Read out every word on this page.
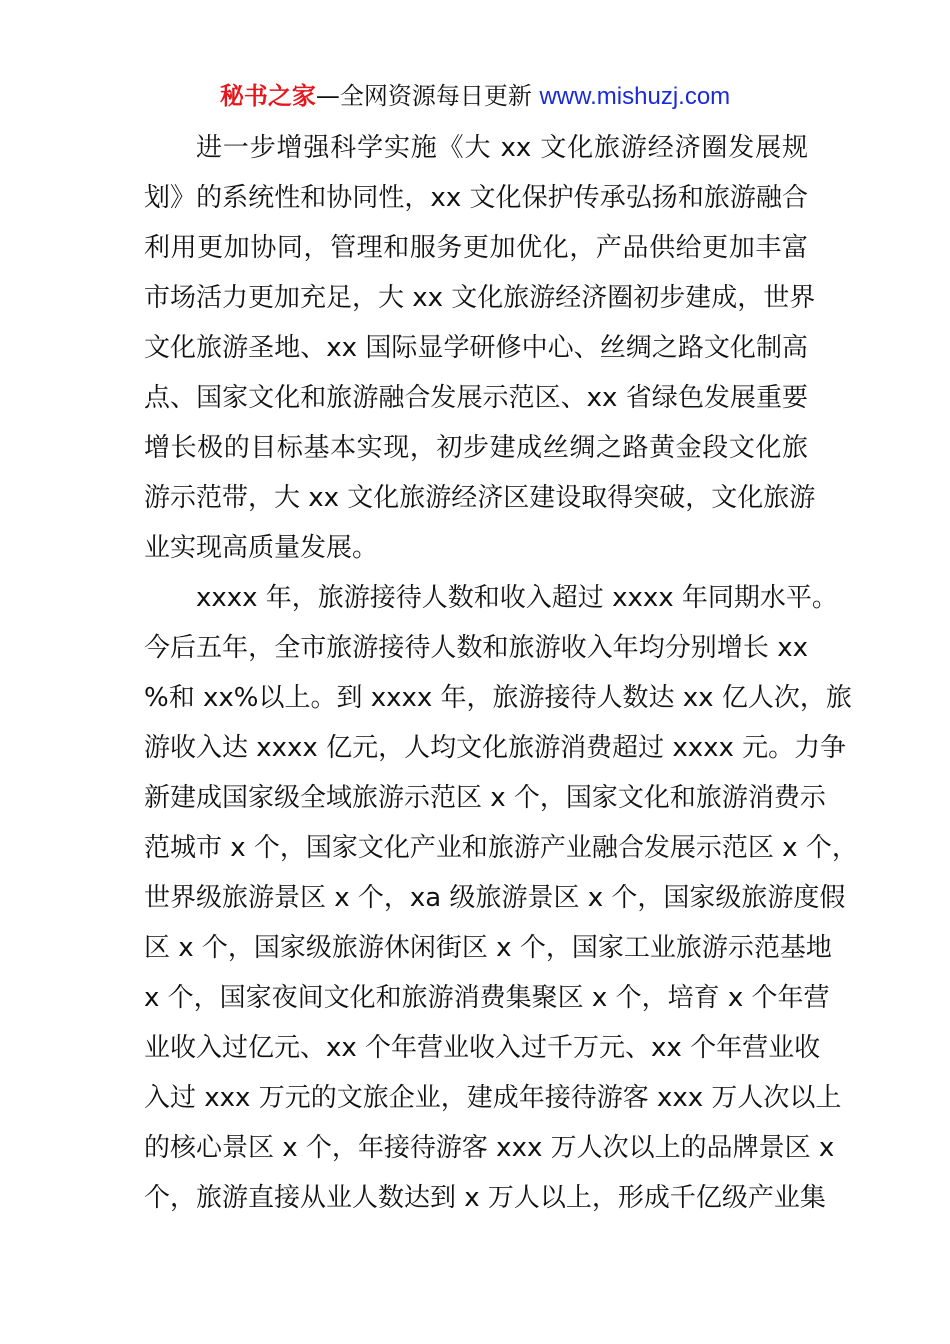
秘书之家—全网资源每日更新 www.mishuzj.com
进一步增强科学实施《大 xx 文化旅游经济圈发展规
划》的系统性和协同性，xx 文化保护传承弘扬和旅游融合
利用更加协同，管理和服务更加优化，产品供给更加丰富
市场活力更加充足，大 xx 文化旅游经济圈初步建成，世界
文化旅游圣地、xx 国际显学研修中心、丝绸之路文化制高
点、国家文化和旅游融合发展示范区、xx 省绿色发展重要
增长极的目标基本实现，初步建成丝绸之路黄金段文化旅
游示范带，大 xx 文化旅游经济区建设取得突破，文化旅游
业实现高质量发展。
xxxx 年，旅游接待人数和收入超过 xxxx 年同期水平。
今后五年，全市旅游接待人数和旅游收入年均分别增长 xx
%和 xx%以上。到 xxxx 年，旅游接待人数达 xx 亿人次，旅
游收入达 xxxx 亿元，人均文化旅游消费超过 xxxx 元。力争
新建成国家级全域旅游示范区 x 个，国家文化和旅游消费示
范城市 x 个，国家文化产业和旅游产业融合发展示范区 x 个，
世界级旅游景区 x 个，xa 级旅游景区 x 个，国家级旅游度假
区 x 个，国家级旅游休闲街区 x 个，国家工业旅游示范基地
x 个，国家夜间文化和旅游消费集聚区 x 个，培育 x 个年营
业收入过亿元、xx 个年营业收入过千万元、xx 个年营业收
入过 xxx 万元的文旅企业，建成年接待游客 xxx 万人次以上
的核心景区 x 个，年接待游客 xxx 万人次以上的品牌景区 x
个，旅游直接从业人数达到 x 万人以上，形成千亿级产业集
